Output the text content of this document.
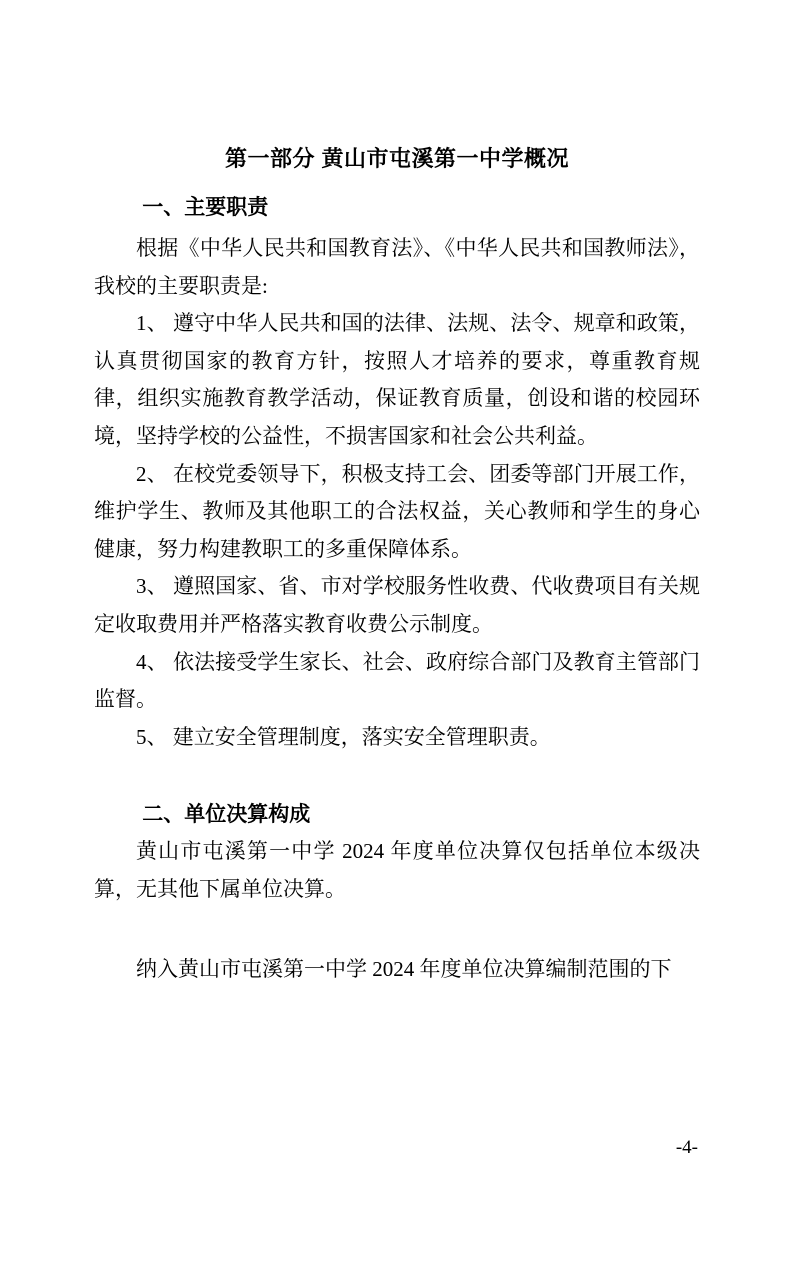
第一部分 黄山市屯溪第一中学概况
一、主要职责

根据《中华人民共和国教育法》、《中华人民共和国教师法》，我校的主要职责是:

1、 遵守中华人民共和国的法律、法规、法令、规章和政策，认真贯彻国家的教育方针，按照人才培养的要求，尊重教育规律，组织实施教育教学活动，保证教育质量，创设和谐的校园环境，坚持学校的公益性，不损害国家和社会公共利益。

2、 在校党委领导下，积极支持工会、团委等部门开展工作，维护学生、教师及其他职工的合法权益，关心教师和学生的身心健康，努力构建教职工的多重保障体系。

3、 遵照国家、省、市对学校服务性收费、代收费项目有关规定收取费用并严格落实教育收费公示制度。

4、 依法接受学生家长、社会、政府综合部门及教育主管部门监督。

5、 建立安全管理制度，落实安全管理职责。

二、单位决算构成

黄山市屯溪第一中学 2024 年度单位决算仅包括单位本级决算，无其他下属单位决算。

纳入黄山市屯溪第一中学 2024 年度单位决算编制范围的下

-4-
